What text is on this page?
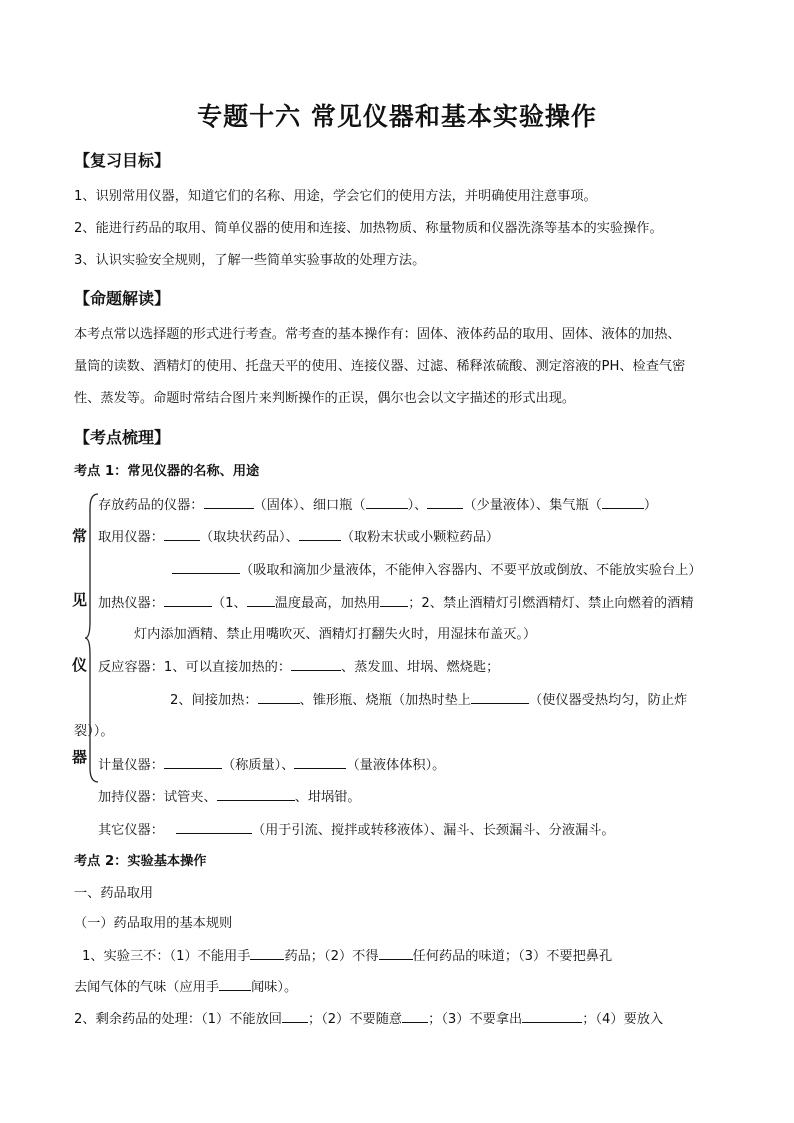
专题十六 常见仪器和基本实验操作
【复习目标】
1、识别常用仪器，知道它们的名称、用途，学会它们的使用方法，并明确使用注意事项。
2、能进行药品的取用、简单仪器的使用和连接、加热物质、称量物质和仪器洗涤等基本的实验操作。
3、认识实验安全规则，了解一些简单实验事故的处理方法。
【命题解读】
本考点常以选择题的形式进行考查。常考查的基本操作有：固体、液体药品的取用、固体、液体的加热、
量筒的读数、酒精灯的使用、托盘天平的使用、连接仪器、过滤、稀释浓硫酸、测定溶液的PH、检查气密
性、蒸发等。命题时常结合图片来判断操作的正误，偶尔也会以文字描述的形式出现。
【考点梳理】
考点 1：常见仪器的名称、用途
常
见
仪
器
存放药品的仪器：	（固体）、细口瓶（	）、	（少量液体）、集气瓶（	）
取用仪器：	（取块状药品）、	（取粉末状或小颗粒药品）
（吸取和滴加少量液体，不能伸入容器内、不要平放或倒放、不能放实验台上）
加热仪器：	（1、 温度最高，加热用 ；2、禁止酒精灯引燃酒精灯、禁止向燃着的酒精
灯内添加酒精、禁止用嘴吹灭、酒精灯打翻失火时，用湿抹布盖灭。）
反应容器：1、可以直接加热的：	、蒸发皿、坩埚、燃烧匙；
2、间接加热：	、锥形瓶、烧瓶（加热时垫上	（使仪器受热均匀，防止炸
裂））。
计量仪器：	（称质量）、	（量液体体积）。
加持仪器：试管夹、	、坩埚钳。
其它仪器：	（用于引流、搅拌或转移液体）、漏斗、长颈漏斗、分液漏斗。
考点 2：实验基本操作
一、药品取用
（一）药品取用的基本规则
1、实验三不：（1）不能用手	药品；（2）不得	任何药品的味道；（3）不要把鼻孔
去闻气体的气味（应用手 闻味）。
2、剩余药品的处理：（1）不能放回 ；（2）不要随意 ；（3）不要拿出	；（4）要放入
